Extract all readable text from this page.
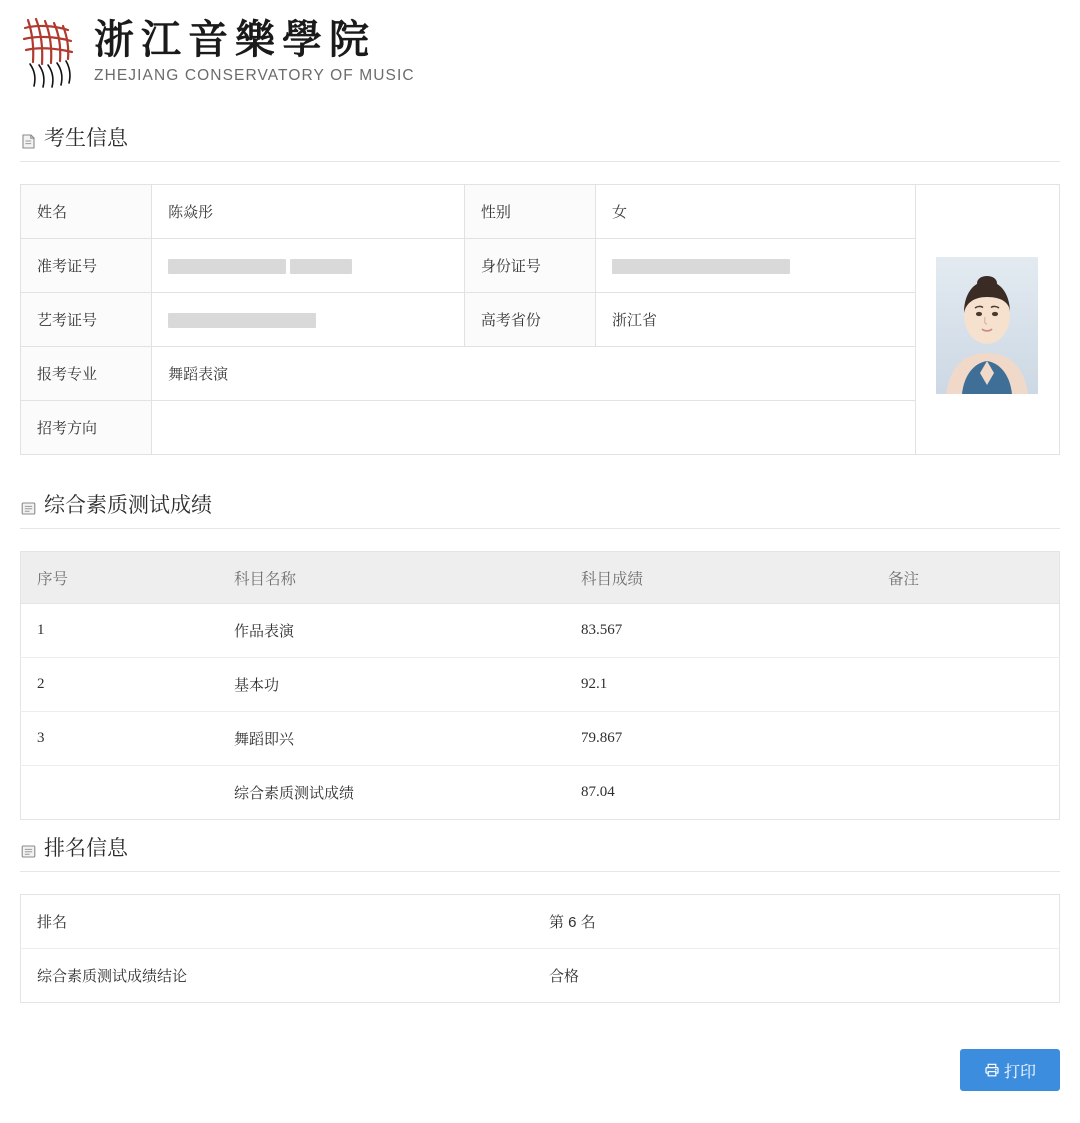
浙江音樂學院
ZHEJIANG CONSERVATORY OF MUSIC
考生信息
姓名	陈焱彤	性别	女	

准考证号		身份证号		
艺考证号		高考省份	浙江省	
报考专业	舞蹈表演			
招考方向				
综合素质测试成绩
序号	科目名称	科目成绩	备注
1	作品表演	83.567	
2	基本功	92.1	
3	舞蹈即兴	79.867	
	综合素质测试成绩	87.04	
排名信息
排名	第 6 名
综合素质测试成绩结论	合格
打印
